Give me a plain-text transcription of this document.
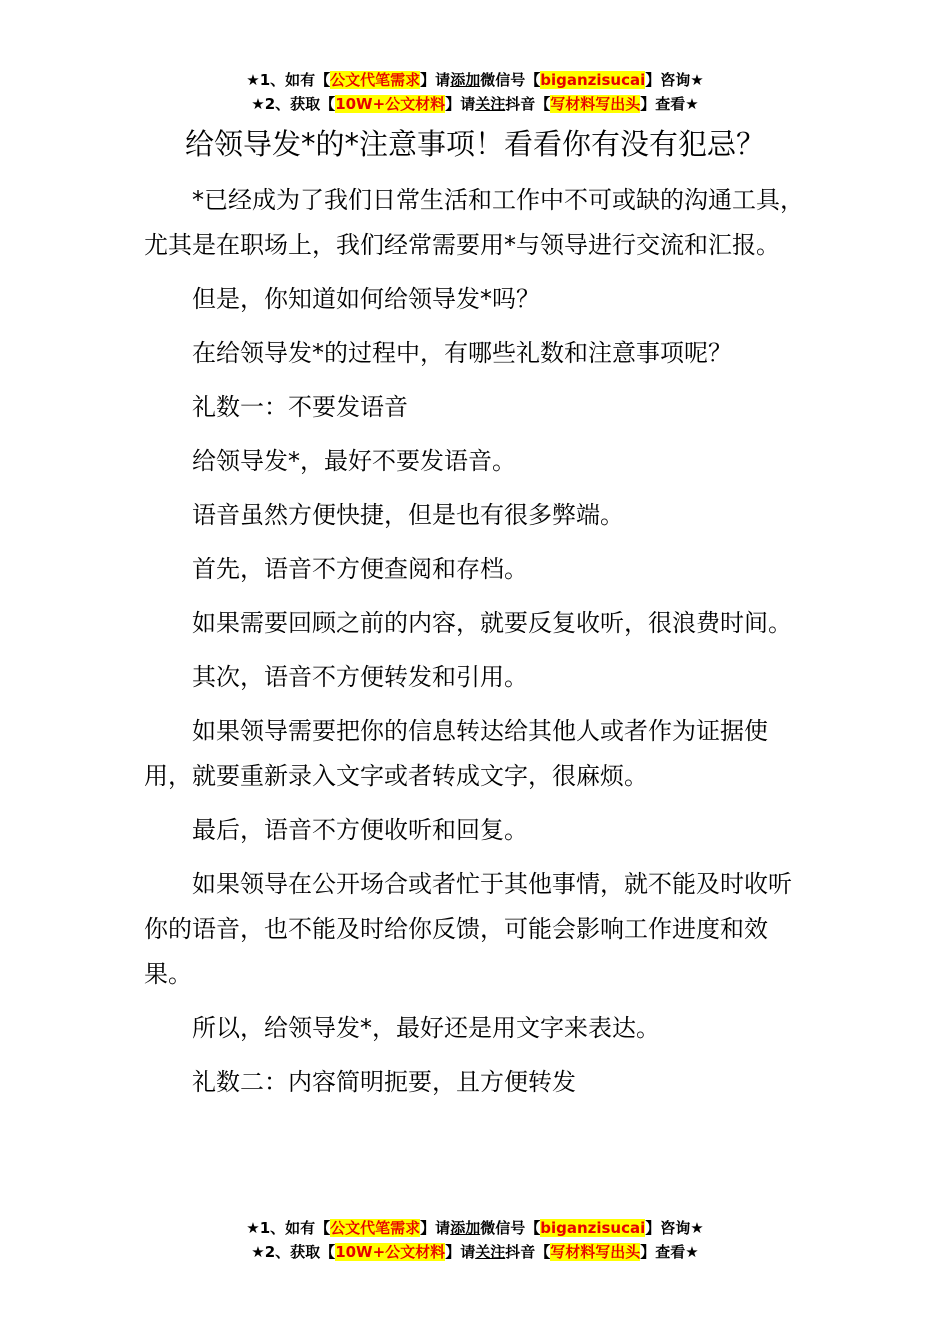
★1、如有【公文代笔需求】请添加微信号【biganzisucai】咨询★
★2、获取【10W+公文材料】请关注抖音【写材料写出头】查看★
给领导发*的*注意事项！看看你有没有犯忌？

*已经成为了我们日常生活和工作中不可或缺的沟通工具，尤其是在职场上，我们经常需要用*与领导进行交流和汇报。

但是，你知道如何给领导发*吗？

在给领导发*的过程中，有哪些礼数和注意事项呢？

礼数一：不要发语音

给领导发*，最好不要发语音。

语音虽然方便快捷，但是也有很多弊端。

首先，语音不方便查阅和存档。

如果需要回顾之前的内容，就要反复收听，很浪费时间。

其次，语音不方便转发和引用。

如果领导需要把你的信息转达给其他人或者作为证据使用，就要重新录入文字或者转成文字，很麻烦。

最后，语音不方便收听和回复。

如果领导在公开场合或者忙于其他事情，就不能及时收听你的语音，也不能及时给你反馈，可能会影响工作进度和效果。

所以，给领导发*，最好还是用文字来表达。

礼数二：内容简明扼要，且方便转发

★1、如有【公文代笔需求】请添加微信号【biganzisucai】咨询★
★2、获取【10W+公文材料】请关注抖音【写材料写出头】查看★
